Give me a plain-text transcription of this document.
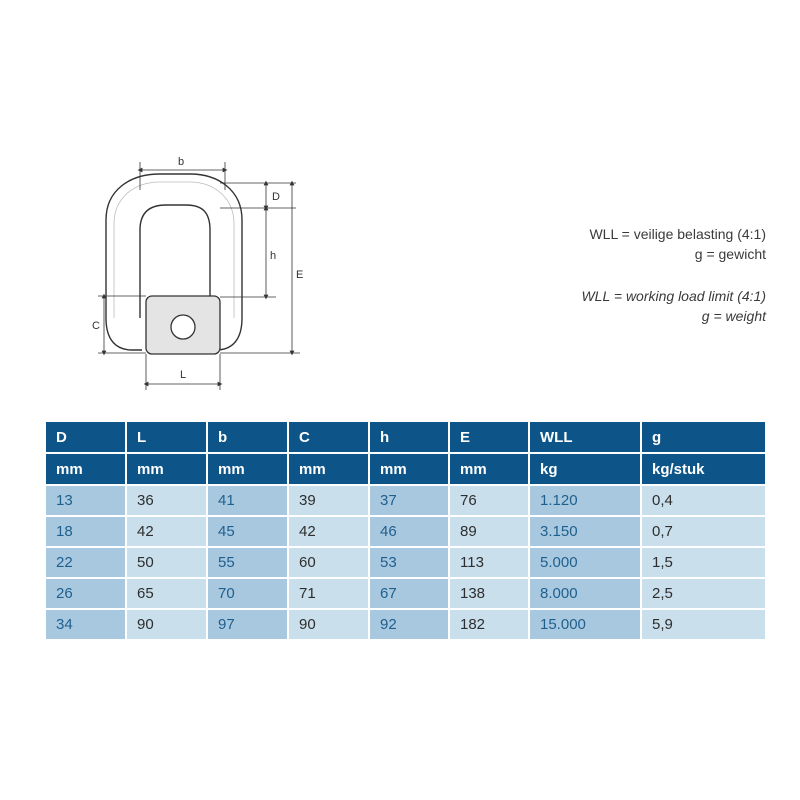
b
D
h
E
C
L
WLL = veilige belasting (4:1)
g = gewicht
WLL = working load limit (4:1)
g = weight
D	L	b	C	h	E	WLL	g
mm	mm	mm	mm	mm	mm	kg	kg/stuk
13	36	41	39	37	76	1.120	0,4
18	42	45	42	46	89	3.150	0,7
22	50	55	60	53	113	5.000	1,5
26	65	70	71	67	138	8.000	2,5
34	90	97	90	92	182	15.000	5,9
